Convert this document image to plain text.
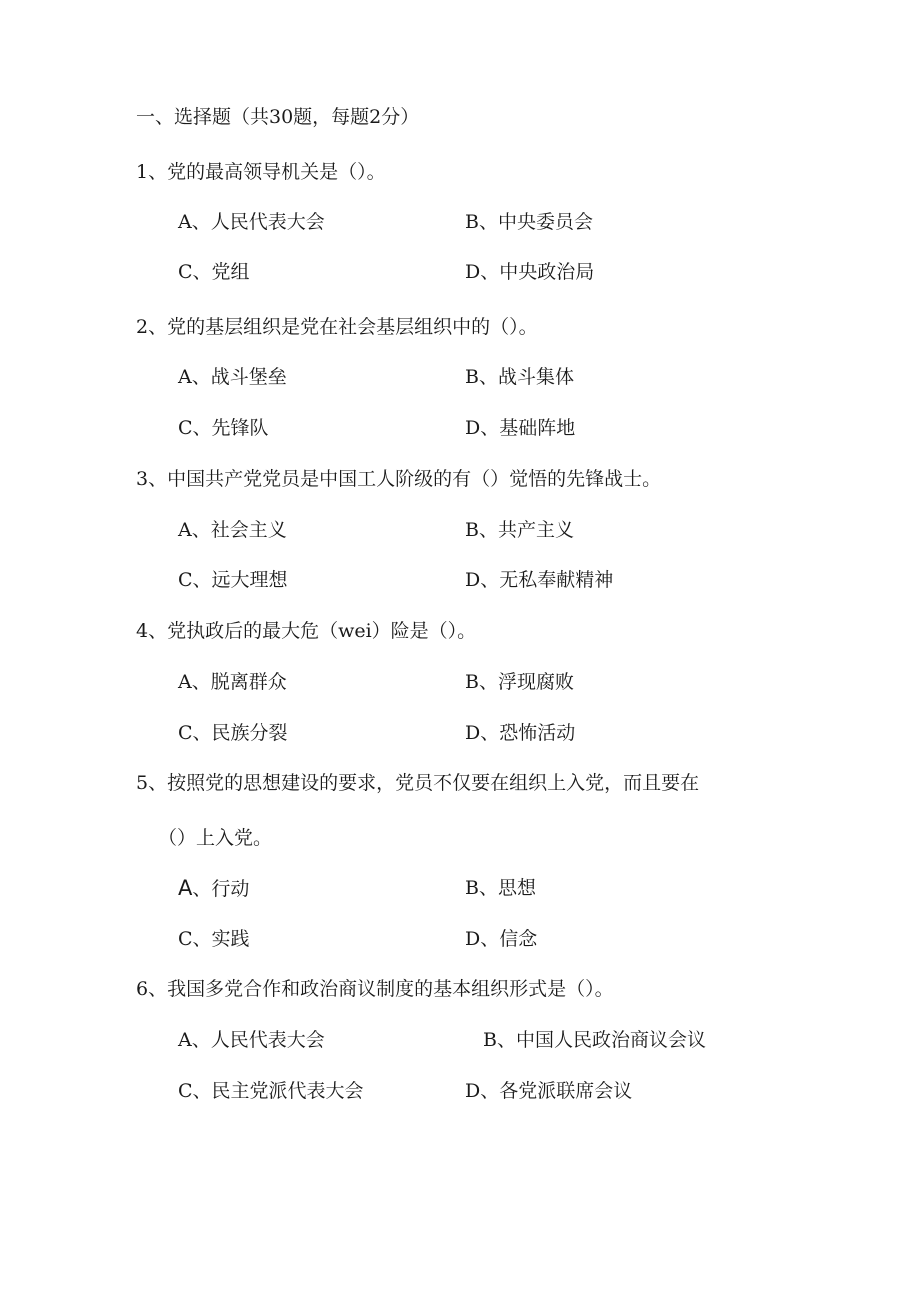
一、选择题（共30题，每题2分）
1、党的最高领导机关是（）。
A、人民代表大会	B、中央委员会
C、党组	D、中央政治局
2、党的基层组织是党在社会基层组织中的（）。
A、战斗堡垒	B、战斗集体
C、先锋队	D、基础阵地
3、中国共产党党员是中国工人阶级的有（）觉悟的先锋战士。
A、社会主义	B、共产主义
C、远大理想	D、无私奉献精神
4、党执政后的最大危（wei）险是（）。
A、脱离群众	B、浮现腐败
C、民族分裂	D、恐怖活动
5、按照党的思想建设的要求，党员不仅要在组织上入党，而且要在
（）上入党。
A、行动	B、思想
C、实践	D、信念
6、我国多党合作和政治商议制度的基本组织形式是（）。
A、人民代表大会	B、中国人民政治商议会议
C、民主党派代表大会	D、各党派联席会议
